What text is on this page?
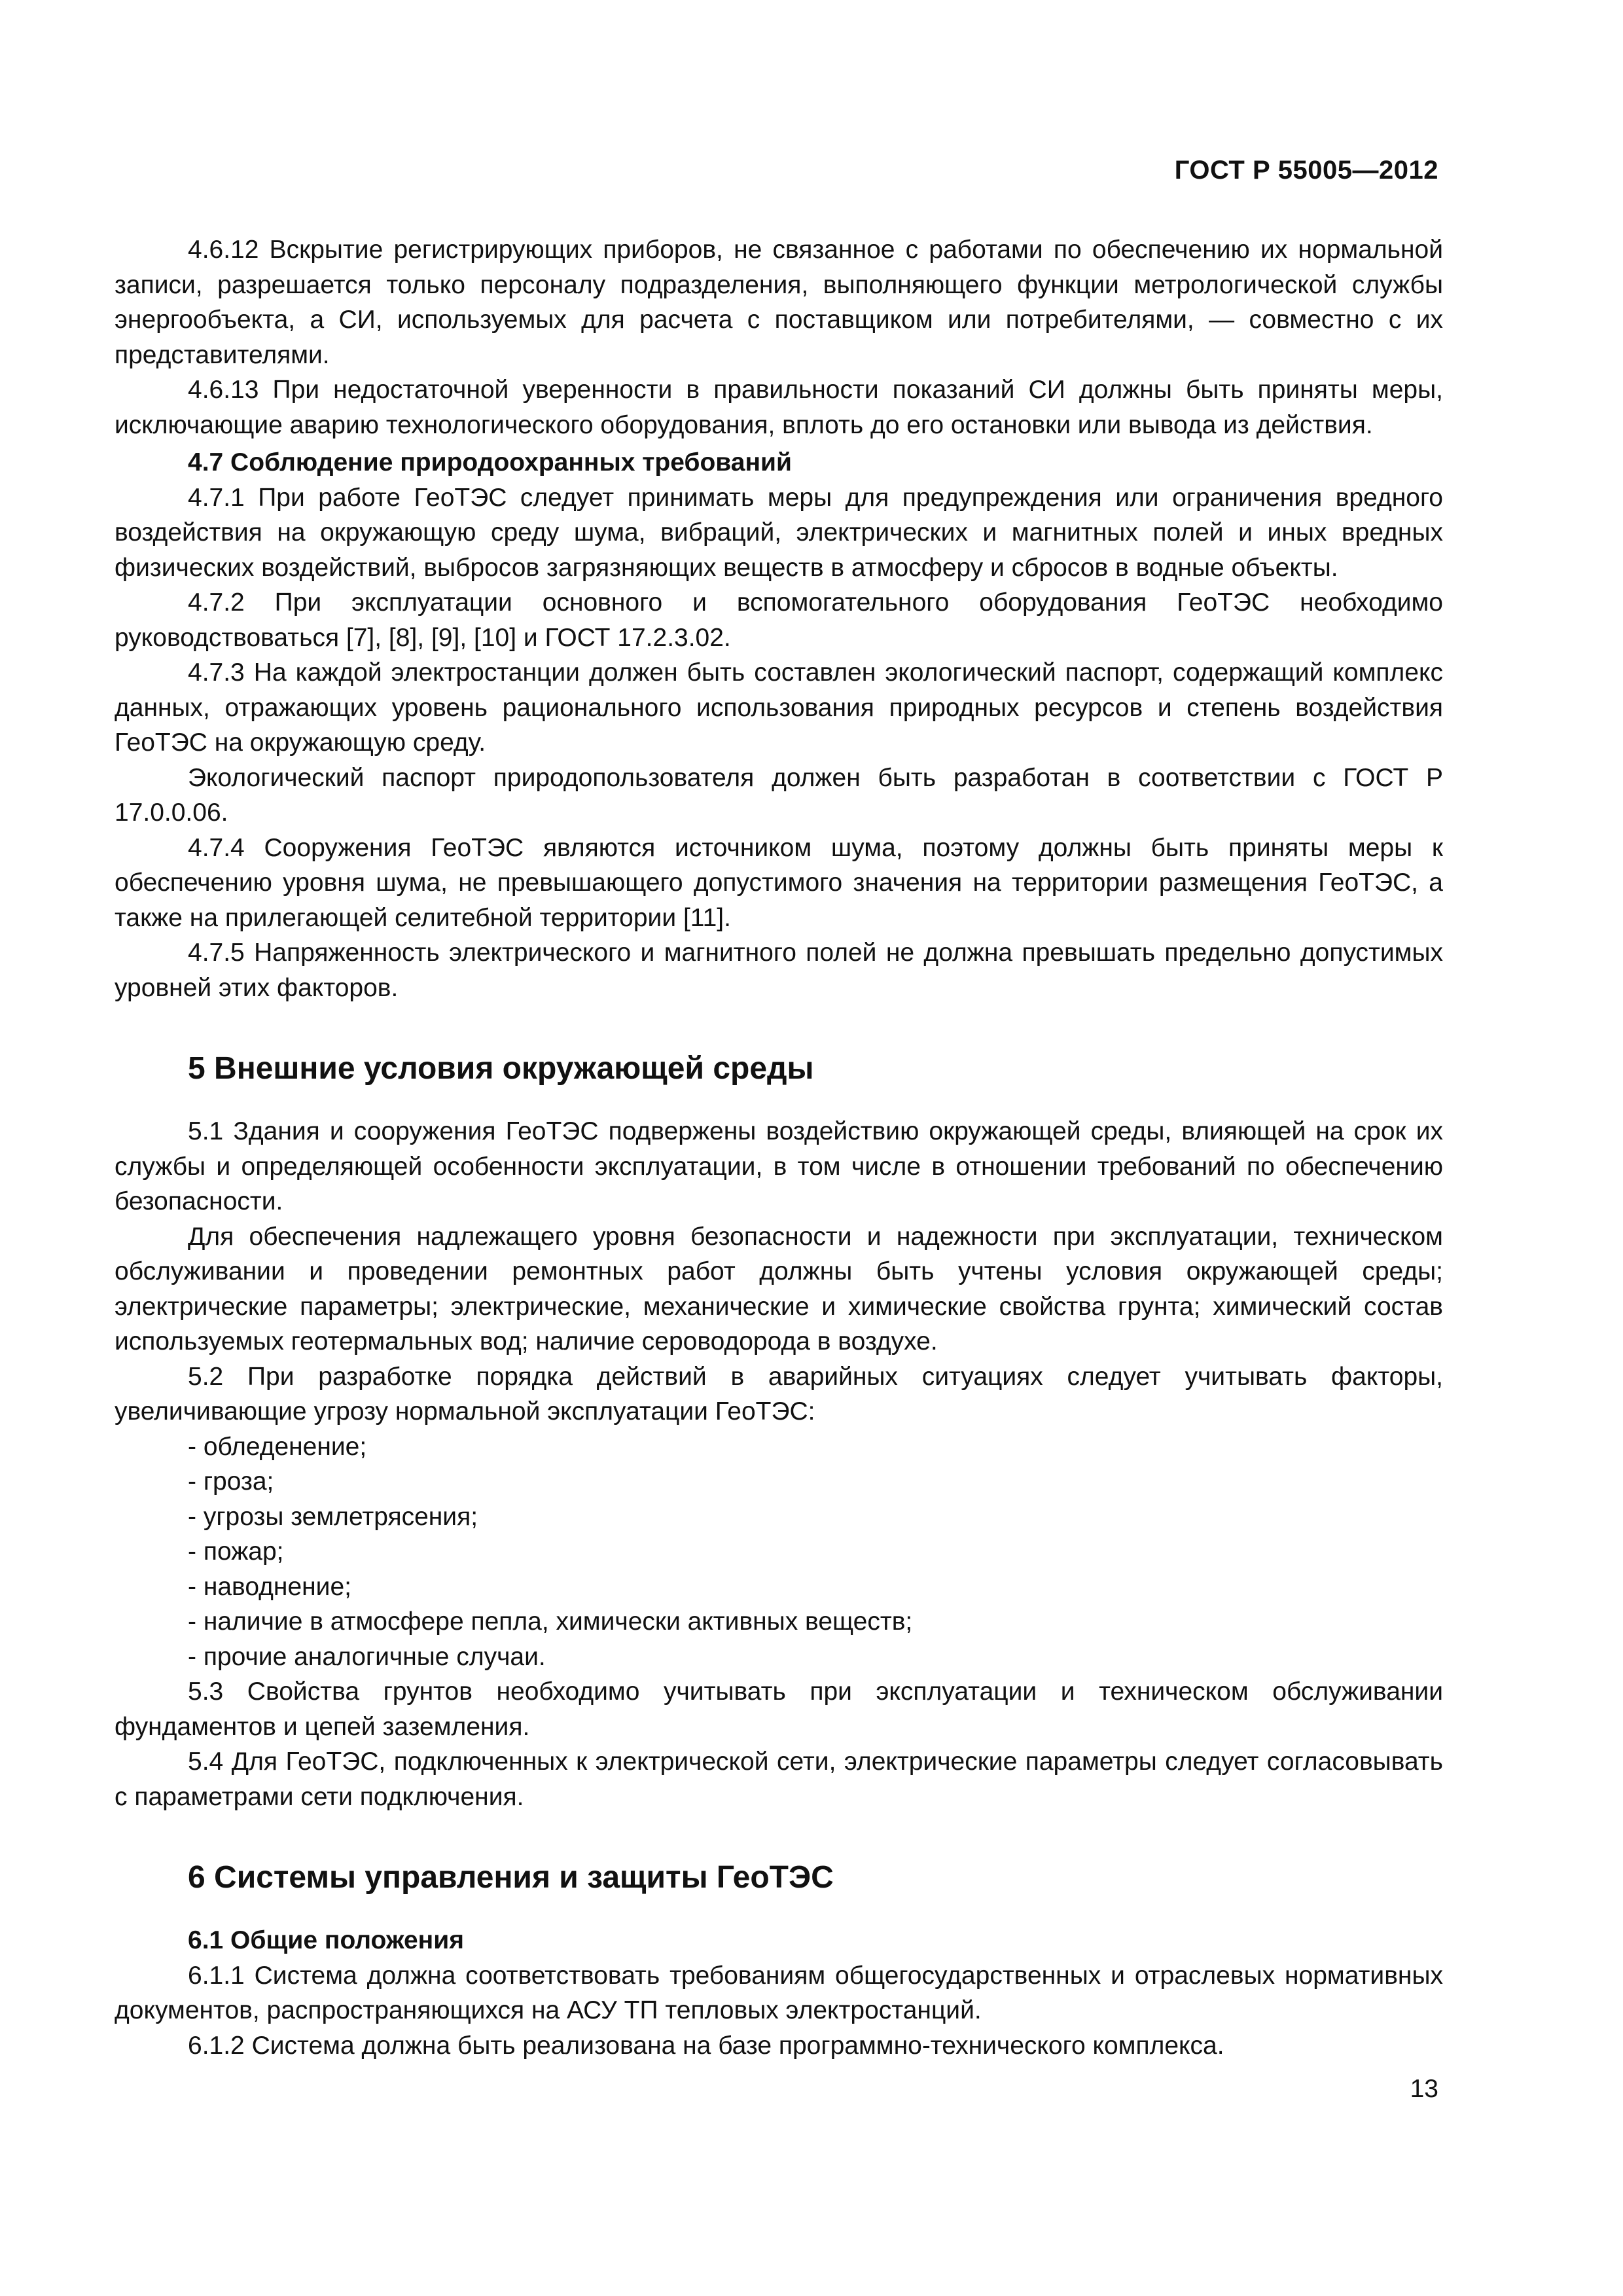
ГОСТ Р 55005—2012

4.6.12 Вскрытие регистрирующих приборов, не связанное с работами по обеспечению их нормальной записи, разрешается только персоналу подразделения, выполняющего функции метрологической службы энергообъекта, а СИ, используемых для расчета с поставщиком или потребителями, — совместно с их представителями.

4.6.13 При недостаточной уверенности в правильности показаний СИ должны быть приняты меры, исключающие аварию технологического оборудования, вплоть до его остановки или вывода из действия.

4.7 Соблюдение природоохранных требований

4.7.1 При работе ГеоТЭС следует принимать меры для предупреждения или ограничения вредного воздействия на окружающую среду шума, вибраций, электрических и магнитных полей и иных вредных физических воздействий, выбросов загрязняющих веществ в атмосферу и сбросов в водные объекты.

4.7.2 При эксплуатации основного и вспомогательного оборудования ГеоТЭС необходимо руководствоваться [7], [8], [9], [10] и ГОСТ 17.2.3.02.

4.7.3 На каждой электростанции должен быть составлен экологический паспорт, содержащий комплекс данных, отражающих уровень рационального использования природных ресурсов и степень воздействия ГеоТЭС на окружающую среду.

Экологический паспорт природопользователя должен быть разработан в соответствии с ГОСТ Р 17.0.0.06.

4.7.4 Сооружения ГеоТЭС являются источником шума, поэтому должны быть приняты меры к обеспечению уровня шума, не превышающего допустимого значения на территории размещения ГеоТЭС, а также на прилегающей селитебной территории [11].

4.7.5 Напряженность электрического и магнитного полей не должна превышать предельно допустимых уровней этих факторов.

5 Внешние условия окружающей среды

5.1 Здания и сооружения ГеоТЭС подвержены воздействию окружающей среды, влияющей на срок их службы и определяющей особенности эксплуатации, в том числе в отношении требований по обеспечению безопасности.

Для обеспечения надлежащего уровня безопасности и надежности при эксплуатации, техническом обслуживании и проведении ремонтных работ должны быть учтены условия окружающей среды; электрические параметры; электрические, механические и химические свойства грунта; химический состав используемых геотермальных вод; наличие сероводорода в воздухе.

5.2 При разработке порядка действий в аварийных ситуациях следует учитывать факторы, увеличивающие угрозу нормальной эксплуатации ГеоТЭС:

- обледенение;

- гроза;

- угрозы землетрясения;

- пожар;

- наводнение;

- наличие в атмосфере пепла, химически активных веществ;

- прочие аналогичные случаи.

5.3 Свойства грунтов необходимо учитывать при эксплуатации и техническом обслуживании фундаментов и цепей заземления.

5.4 Для ГеоТЭС, подключенных к электрической сети, электрические параметры следует согласовывать с параметрами сети подключения.

6 Системы управления и защиты ГеоТЭС

6.1 Общие положения

6.1.1 Система должна соответствовать требованиям общегосударственных и отраслевых нормативных документов, распространяющихся на АСУ ТП тепловых электростанций.

6.1.2 Система должна быть реализована на базе программно-технического комплекса.

13
